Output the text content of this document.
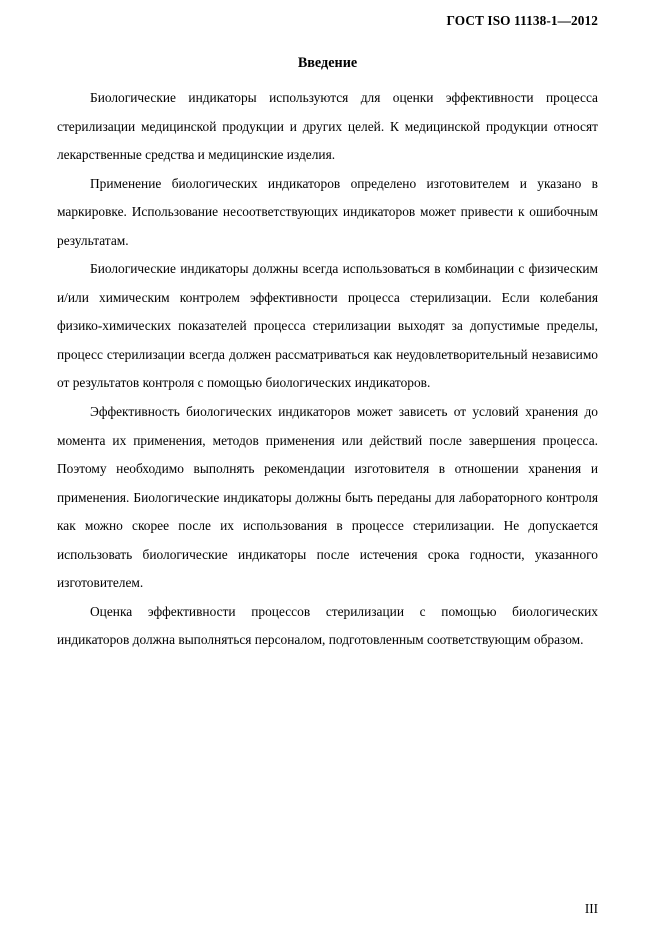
ГОСТ ISO 11138-1—2012
Введение

Биологические индикаторы используются для оценки эффективности процесса стерилизации медицинской продукции и других целей. К медицинской продукции относят лекарственные средства и медицинские изделия.

Применение биологических индикаторов определено изготовителем и указано в маркировке. Использование несоответствующих индикаторов может привести к ошибочным результатам.

Биологические индикаторы должны всегда использоваться в комбинации с физическим и/или химическим контролем эффективности процесса стерилизации. Если колебания физико-химических показателей процесса стерилизации выходят за допустимые пределы, процесс стерилизации всегда должен рассматриваться как неудовлетворительный независимо от результатов контроля с помощью биологических индикаторов.

Эффективность биологических индикаторов может зависеть от условий хранения до момента их применения, методов применения или действий после завершения процесса. Поэтому необходимо выполнять рекомендации изготовителя в отношении хранения и применения. Биологические индикаторы должны быть переданы для лабораторного контроля как можно скорее после их использования в процессе стерилизации. Не допускается использовать биологические индикаторы после истечения срока годности, указанного изготовителем.

Оценка эффективности процессов стерилизации с помощью биологических индикаторов должна выполняться персоналом, подготовленным соответствующим образом.

III
